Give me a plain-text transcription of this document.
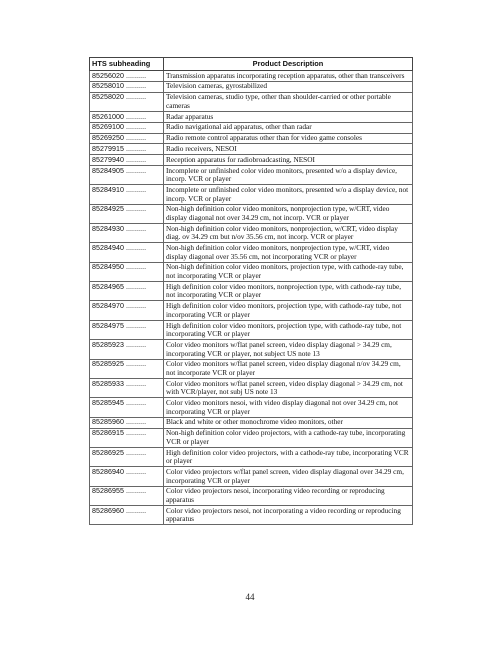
HTS subheading	Product Description
85256020 ..........	Transmission apparatus incorporating reception apparatus, other than transceivers
85258010 ..........	Television cameras, gyrostabilized
85258020 ..........	Television cameras, studio type, other than shoulder-carried or other portable cameras
85261000 ..........	Radar apparatus
85269100 ..........	Radio navigational aid apparatus, other than radar
85269250 ..........	Radio remote control apparatus other than for video game consoles
85279915 ..........	Radio receivers, NESOI
85279940 ..........	Reception apparatus for radiobroadcasting, NESOI
85284905 ..........	Incomplete or unfinished color video monitors, presented w/o a display device, incorp. VCR or player
85284910 ..........	Incomplete or unfinished color video monitors, presented w/o a display device, not incorp. VCR or player
85284925 ..........	Non-high definition color video monitors, nonprojection type, w/CRT, video display diagonal not over 34.29 cm, not incorp. VCR or player
85284930 ..........	Non-high definition color video monitors, nonprojection, w/CRT, video display diag. ov 34.29 cm but n/ov 35.56 cm, not incorp. VCR or player
85284940 ..........	Non-high definition color video monitors, nonprojection type, w/CRT, video display diagonal over 35.56 cm, not incorporating VCR or player
85284950 ..........	Non-high definition color video monitors, projection type, with cathode-ray tube, not incorporating VCR or player
85284965 ..........	High definition color video monitors, nonprojection type, with cathode-ray tube, not incorporating VCR or player
85284970 ..........	High definition color video monitors, projection type, with cathode-ray tube, not incorporating VCR or player
85284975 ..........	High definition color video monitors, projection type, with cathode-ray tube, not incorporating VCR or player
85285923 ..........	Color video monitors w/flat panel screen, video display diagonal > 34.29 cm, incorporating VCR or player, not subject US note 13
85285925 ..........	Color video monitors w/flat panel screen, video display diagonal n/ov 34.29 cm, not incorporate VCR or player
85285933 ..........	Color video monitors w/flat panel screen, video display diagonal > 34.29 cm, not with VCR/player, not subj US note 13
85285945 ..........	Color video monitors nesoi, with video display diagonal not over 34.29 cm, not incorporating VCR or player
85285960 ..........	Black and white or other monochrome video monitors, other
85286915 ..........	Non-high definition color video projectors, with a cathode-ray tube, incorporating VCR or player
85286925 ..........	High definition color video projectors, with a cathode-ray tube, incorporating VCR or player
85286940 ..........	Color video projectors w/flat panel screen, video display diagonal over 34.29 cm, incorporating VCR or player
85286955 ..........	Color video projectors nesoi, incorporating video recording or reproducing apparatus
85286960 ..........	Color video projectors nesoi, not incorporating a video recording or reproducing apparatus
44
